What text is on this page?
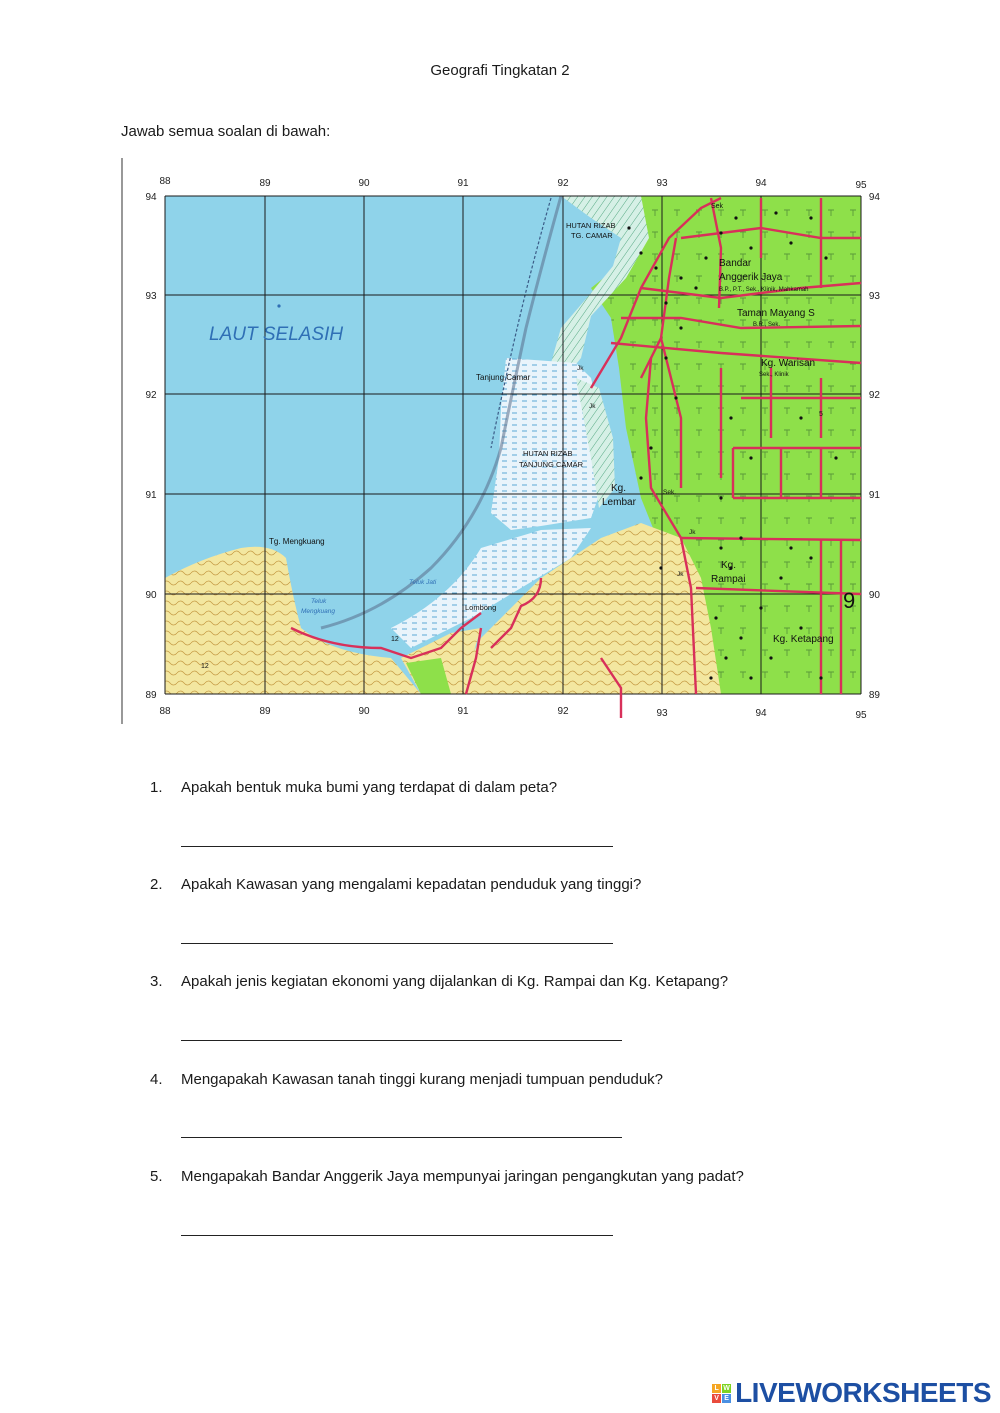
Geografi Tingkatan 2
Jawab semua soalan di bawah:
88	89	90	91	92	93	94	95
88	89	90	91	92	93	94	95
94
93
92
91
90
89
94
93
92
91
90
89
LAUT SELASIH
Tanjung Camar
HUTAN RIZAB
TG. CAMAR
HUTAN RIZAB
TANJUNG CAMAR
Tg. Mengkuang
Teluk Jati
Teluk
Mengkuang	Lombong
Sek
Bandar
Anggerik Jaya
B.P., P.T., Sek., Klinik, Mahkamah
Taman Mayang S
B.R., Sek.
Kg. Warisan
Sek., Klinik
Kg.
Lembar
Sek.
Kg.
Rampai
Kg. Ketapang
Jk
Jk
Jk
Jk
12
12
5
9
1. Apakah bentuk muka bumi yang terdapat di dalam peta?
2. Apakah Kawasan yang mengalami kepadatan penduduk yang tinggi?
3. Apakah jenis kegiatan ekonomi yang dijalankan di Kg. Rampai dan Kg. Ketapang?
4. Mengapakah Kawasan tanah tinggi kurang menjadi tumpuan penduduk?
5. Mengapakah Bandar Anggerik Jaya mempunyai jaringan pengangkutan yang padat?
L W
V E LIVEWORKSHEETS
